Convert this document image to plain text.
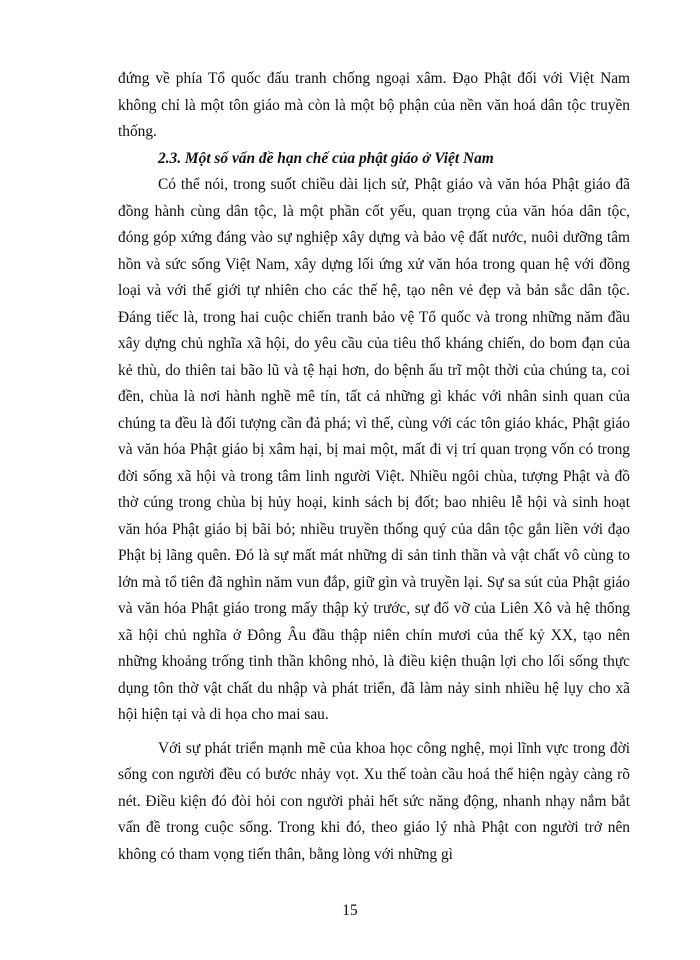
đứng về phía Tổ quốc đấu tranh chống ngoại xâm. Đạo Phật đối với Việt Nam không chỉ là một tôn giáo mà còn là một bộ phận của nền văn hoá dân tộc truyền thống.

2.3. Một số vấn đề hạn chế của phật giáo ở Việt Nam

Có thể nói, trong suốt chiều dài lịch sử, Phật giáo và văn hóa Phật giáo đã đồng hành cùng dân tộc, là một phần cốt yếu, quan trọng của văn hóa dân tộc, đóng góp xứng đáng vào sự nghiệp xây dựng và bảo vệ đất nước, nuôi dưỡng tâm hồn và sức sống Việt Nam, xây dựng lối ứng xử văn hóa trong quan hệ với đồng loại và với thế giới tự nhiên cho các thế hệ, tạo nên vẻ đẹp và bản sắc dân tộc. Đáng tiếc là, trong hai cuộc chiến tranh bảo vệ Tổ quốc và trong những năm đầu xây dựng chủ nghĩa xã hội, do yêu cầu của tiêu thổ kháng chiến, do bom đạn của kẻ thù, do thiên tai bão lũ và tệ hại hơn, do bệnh ấu trĩ một thời của chúng ta, coi đền, chùa là nơi hành nghề mê tín, tất cả những gì khác với nhân sinh quan của chúng ta đều là đối tượng cần đả phá; vì thế, cùng với các tôn giáo khác, Phật giáo và văn hóa Phật giáo bị xâm hại, bị mai một, mất đi vị trí quan trọng vốn có trong đời sống xã hội và trong tâm linh người Việt. Nhiều ngôi chùa, tượng Phật và đồ thờ cúng trong chùa bị hủy hoại, kinh sách bị đốt; bao nhiêu lễ hội và sinh hoạt văn hóa Phật giáo bị bãi bỏ; nhiều truyền thống quý của dân tộc gắn liền với đạo Phật bị lãng quên. Đó là sự mất mát những di sản tinh thần và vật chất vô cùng to lớn mà tổ tiên đã nghìn năm vun đắp, giữ gìn và truyền lại. Sự sa sút của Phật giáo và văn hóa Phật giáo trong mấy thập kỷ trước, sự đổ vỡ của Liên Xô và hệ thống xã hội chủ nghĩa ở Đông Âu đầu thập niên chín mươi của thế kỷ XX, tạo nên những khoảng trống tinh thần không nhỏ, là điều kiện thuận lợi cho lối sống thực dụng tôn thờ vật chất du nhập và phát triển, đã làm nảy sinh nhiều hệ lụy cho xã hội hiện tại và di họa cho mai sau.

Với sự phát triển mạnh mẽ của khoa học công nghệ, mọi lĩnh vực trong đời sống con người đều có bước nhảy vọt. Xu thế toàn cầu hoá thể hiện ngày càng rõ nét. Điều kiện đó đòi hỏi con người phải hết sức năng động, nhanh nhạy nắm bắt vấn đề trong cuộc sống. Trong khi đó, theo giáo lý nhà Phật con người trở nên không có tham vọng tiến thân, bằng lòng với những gì

15
